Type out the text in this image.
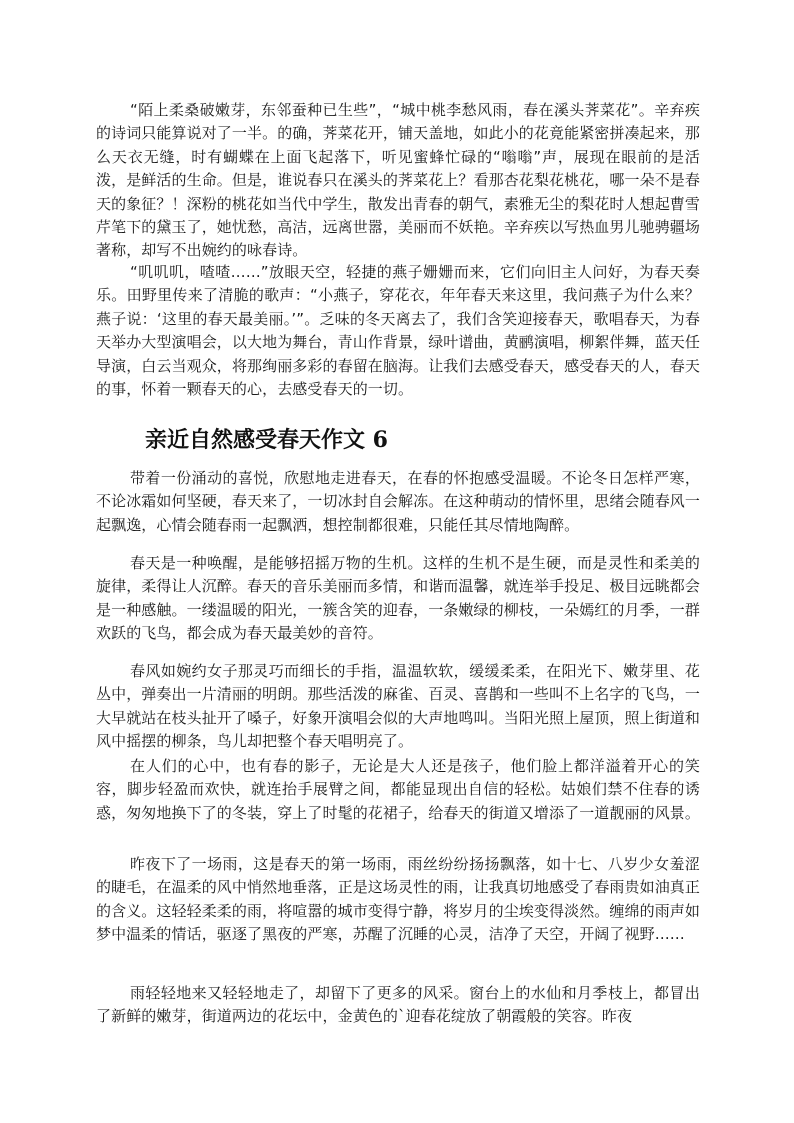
“陌上柔桑破嫩芽，东邻蚕种已生些”，“城中桃李愁风雨，春在溪头荠菜花”。辛弃疾的诗词只能算说对了一半。的确，荠菜花开，铺天盖地，如此小的花竟能紧密拼凑起来，那么天衣无缝，时有蝴蝶在上面飞起落下，听见蜜蜂忙碌的“嗡嗡”声，展现在眼前的是活泼，是鲜活的生命。但是，谁说春只在溪头的荠菜花上？看那杏花梨花桃花，哪一朵不是春天的象征？！深粉的桃花如当代中学生，散发出青春的朝气，素雅无尘的梨花时人想起曹雪芹笔下的黛玉了，她忧愁，高洁，远离世嚣，美丽而不妖艳。辛弃疾以写热血男儿驰骋疆场著称，却写不出婉约的咏春诗。

“叽叽叽，喳喳……”放眼天空，轻捷的燕子姗姗而来，它们向旧主人问好，为春天奏乐。田野里传来了清脆的歌声：“小燕子，穿花衣，年年春天来这里，我问燕子为什么来？燕子说：‘这里的春天最美丽。’”。乏味的冬天离去了，我们含笑迎接春天，歌唱春天，为春天举办大型演唱会，以大地为舞台，青山作背景，绿叶谱曲，黄鹂演唱，柳絮伴舞，蓝天任导演，白云当观众，将那绚丽多彩的春留在脑海。让我们去感受春天，感受春天的人，春天的事，怀着一颗春天的心，去感受春天的一切。

亲近自然感受春天作文 6

带着一份涌动的喜悦，欣慰地走进春天，在春的怀抱感受温暖。不论冬日怎样严寒，不论冰霜如何坚硬，春天来了，一切冰封自会解冻。在这种萌动的情怀里，思绪会随春风一起飘逸，心情会随春雨一起飘洒，想控制都很难，只能任其尽情地陶醉。

春天是一种唤醒，是能够招摇万物的生机。这样的生机不是生硬，而是灵性和柔美的旋律，柔得让人沉醉。春天的音乐美丽而多情，和谐而温馨，就连举手投足、极目远眺都会是一种感触。一缕温暖的阳光，一簇含笑的迎春，一条嫩绿的柳枝，一朵嫣红的月季，一群欢跃的飞鸟，都会成为春天最美妙的音符。

春风如婉约女子那灵巧而细长的手指，温温软软，缓缓柔柔，在阳光下、嫩芽里、花丛中，弹奏出一片清丽的明朗。那些活泼的麻雀、百灵、喜鹊和一些叫不上名字的飞鸟，一大早就站在枝头扯开了嗓子，好象开演唱会似的大声地鸣叫。当阳光照上屋顶，照上街道和风中摇摆的柳条，鸟儿却把整个春天唱明亮了。

在人们的心中，也有春的影子，无论是大人还是孩子，他们脸上都洋溢着开心的笑容，脚步轻盈而欢快，就连抬手展臂之间，都能显现出自信的轻松。姑娘们禁不住春的诱惑，匆匆地换下了的冬装，穿上了时髦的花裙子，给春天的街道又增添了一道靓丽的风景。

昨夜下了一场雨，这是春天的第一场雨，雨丝纷纷扬扬飘落，如十七、八岁少女羞涩的睫毛，在温柔的风中悄然地垂落，正是这场灵性的雨，让我真切地感受了春雨贵如油真正的含义。这轻轻柔柔的雨，将喧嚣的城市变得宁静，将岁月的尘埃变得淡然。缠绵的雨声如梦中温柔的情话，驱逐了黑夜的严寒，苏醒了沉睡的心灵，洁净了天空，开阔了视野……

雨轻轻地来又轻轻地走了，却留下了更多的风采。窗台上的水仙和月季枝上，都冒出了新鲜的嫩芽，街道两边的花坛中，金黄色的`迎春花绽放了朝霞般的笑容。昨夜
